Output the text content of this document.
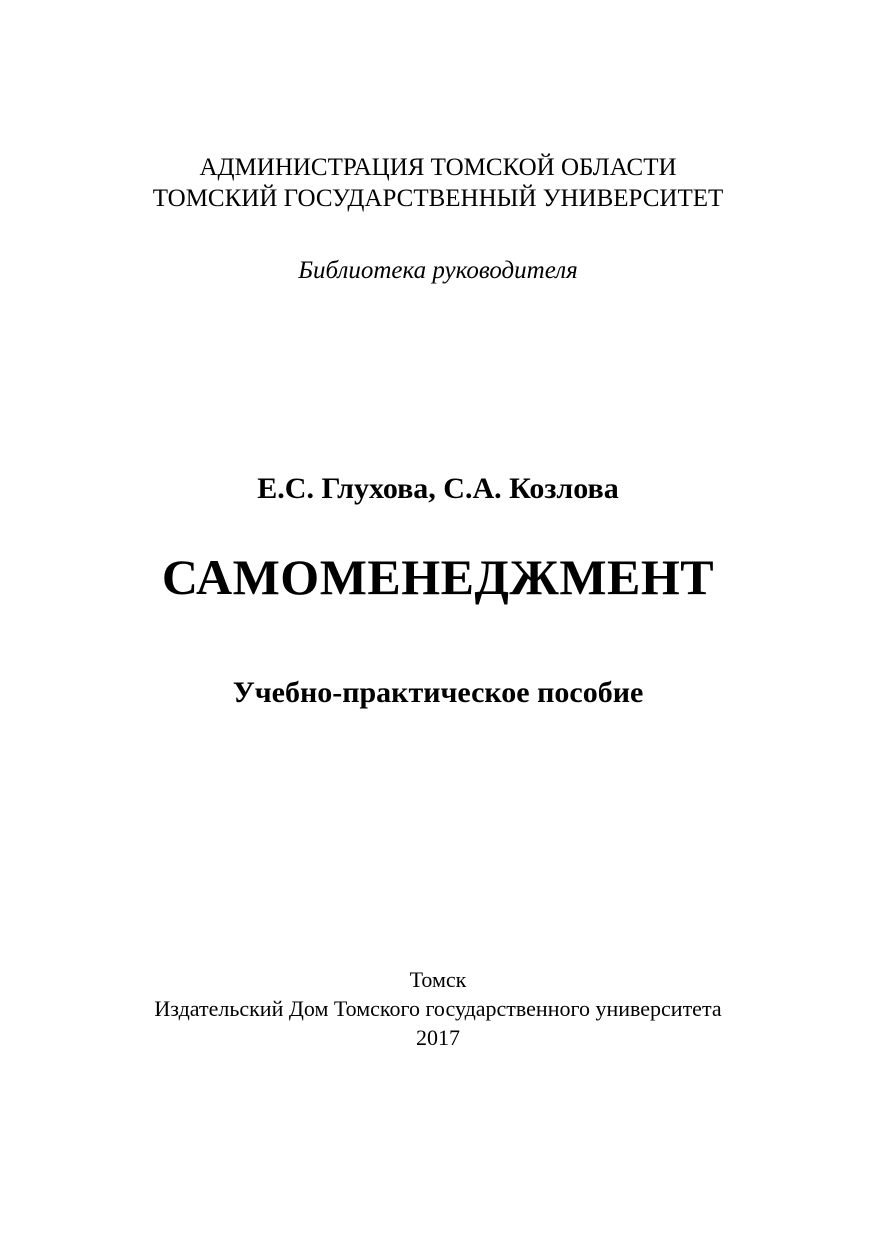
АДМИНИСТРАЦИЯ ТОМСКОЙ ОБЛАСТИ
ТОМСКИЙ ГОСУДАРСТВЕННЫЙ УНИВЕРСИТЕТ
Библиотека руководителя
Е.С. Глухова, С.А. Козлова
САМОМЕНЕДЖМЕНТ
Учебно-практическое пособие
Томск
Издательский Дом Томского государственного университета
2017
